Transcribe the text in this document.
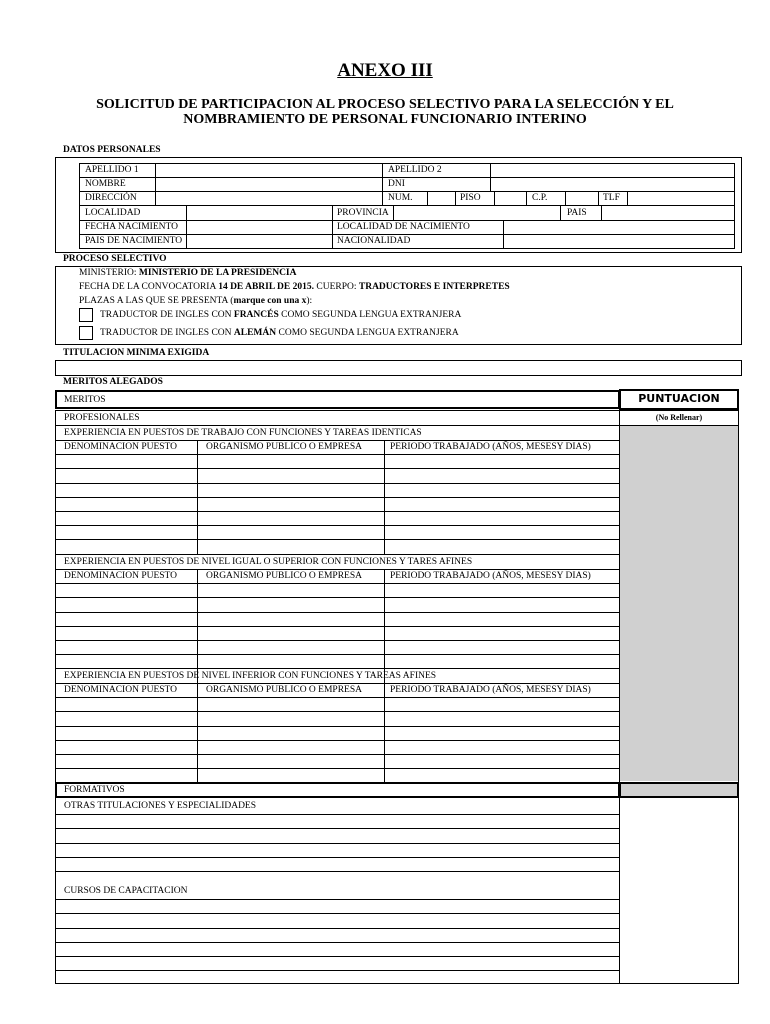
ANEXO III
SOLICITUD DE PARTICIPACION AL PROCESO SELECTIVO PARA LA SELECCIÓN Y EL NOMBRAMIENTO DE PERSONAL FUNCIONARIO INTERINO
DATOS PERSONALES
APELLIDO 1	APELLIDO 2
NOMBRE	DNI
DIRECCIÓN	NUM.	PISO	C.P.	TLF
LOCALIDAD	PROVINCIA	PAIS
FECHA NACIMIENTO	LOCALIDAD DE NACIMIENTO
PAIS DE NACIMIENTO	NACIONALIDAD
PROCESO SELECTIVO
MINISTERIO: MINISTERIO DE LA PRESIDENCIA
FECHA DE LA CONVOCATORIA 14 DE ABRIL DE 2015. CUERPO: TRADUCTORES E INTERPRETES
PLAZAS A LAS QUE SE PRESENTA (marque con una x):
TRADUCTOR DE INGLES CON FRANCÉS COMO SEGUNDA LENGUA EXTRANJERA
TRADUCTOR DE INGLES CON ALEMÁN COMO SEGUNDA LENGUA EXTRANJERA
TITULACION MINIMA EXIGIDA
MERITOS ALEGADOS
MERITOS	PUNTUACION
PROFESIONALES	(No Rellenar)
EXPERIENCIA EN PUESTOS DE TRABAJO CON FUNCIONES Y TAREAS IDENTICAS
DENOMINACION PUESTO	ORGANISMO PUBLICO O EMPRESA	PERIODO TRABAJADO (AÑOS, MESESY DIAS)
EXPERIENCIA EN PUESTOS DE NIVEL IGUAL O SUPERIOR CON FUNCIONES Y TARES AFINES
DENOMINACION PUESTO	ORGANISMO PUBLICO O EMPRESA	PERIODO TRABAJADO (AÑOS, MESESY DIAS)
EXPERIENCIA EN PUESTOS DE NIVEL INFERIOR CON FUNCIONES Y TAREAS AFINES
DENOMINACION PUESTO	ORGANISMO PUBLICO O EMPRESA	PERIODO TRABAJADO (AÑOS, MESESY DIAS)
FORMATIVOS
OTRAS TITULACIONES Y ESPECIALIDADES
CURSOS DE CAPACITACION
